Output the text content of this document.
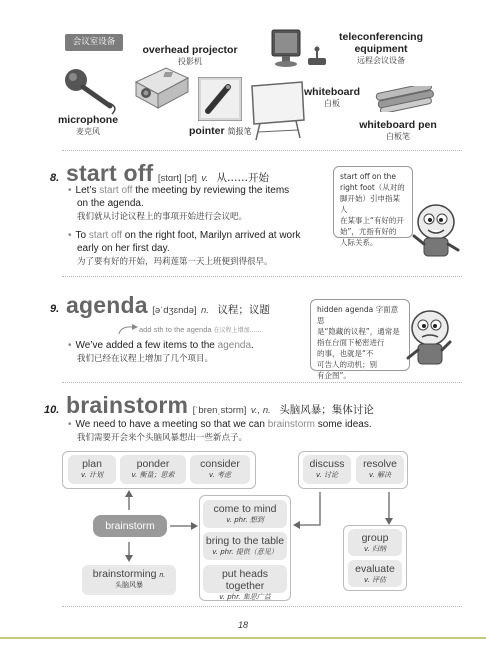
会议室设备
overhead projector
投影机
teleconferencing
equipment
远程会议设备
microphone
麦克风	pointer 简报笔
whiteboard
白板
whiteboard pen
白板笔
8. start off [stɑrt] [ɔf] v. 从……开始
• Let’s start off the meeting by reviewing the items
on the agenda.
我们就从讨论议程上的事项开始进行会议吧。
• To start off on the right foot, Marilyn arrived at work
early on her first day.
为了要有好的开始，玛莉莲第一天上班便到得很早。
start off on the
right foot（从对的
脚开始）引申指某人
在某事上“有好的开
始”，尤指有好的
人际关系。
9. agenda [əˈdʒɛndə] n. 议程；议题
add sth to the agenda 在议程上增加……
• We’ve added a few items to the agenda.
我们已经在议程上增加了几个项目。
hidden agenda 字面意思
是“隐藏的议程”，通常是
指在台面下秘密进行
的事，也就是“不
可告人的动机；别
有企图”。
10. brainstorm [ˈbrenˌstɔrm] v., n. 头脑风暴；集体讨论
• We need to have a meeting so that we can brainstorm some ideas.
我们需要开会来个头脑风暴想出一些新点子。
plan
v. 计划
ponder
v. 衡量；思索
consider
v. 考虑
discuss
v. 讨论
resolve
v. 解决
brainstorm
brainstorming n.
头脑风暴
come to mind
v. phr. 想到
bring to the table
v. phr. 提供（意见）
put heads together
v. phr. 集思广益
group
v. 归纳
evaluate
v. 评估
18
